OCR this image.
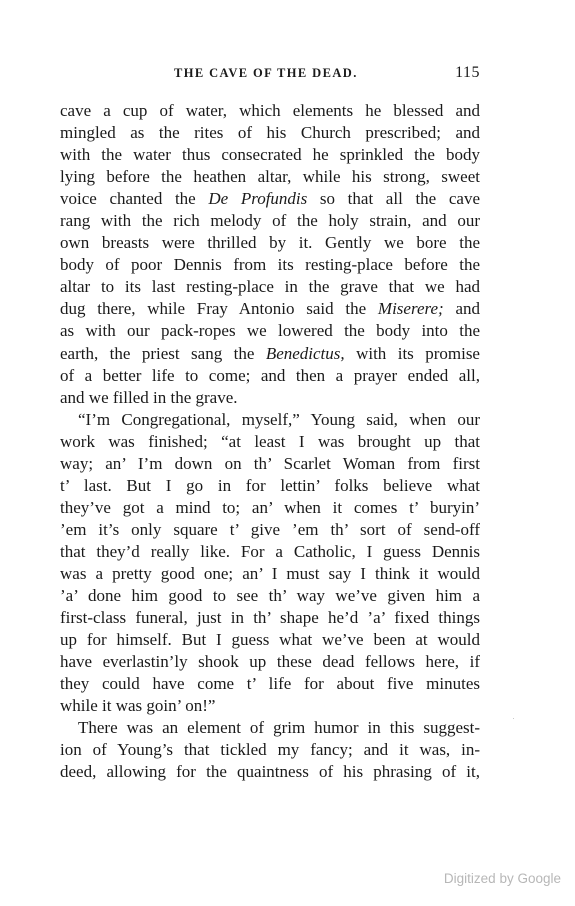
THE CAVE OF THE DEAD.	115
cave a cup of water, which elements he blessed and
mingled as the rites of his Church prescribed; and
with the water thus consecrated he sprinkled the body
lying before the heathen altar, while his strong, sweet
voice chanted the De Profundis so that all the cave
rang with the rich melody of the holy strain, and our
own breasts were thrilled by it. Gently we bore the
body of poor Dennis from its resting-place before the
altar to its last resting-place in the grave that we had
dug there, while Fray Antonio said the Miserere; and
as with our pack-ropes we lowered the body into the
earth, the priest sang the Benedictus, with its promise
of a better life to come; and then a prayer ended all,
and we filled in the grave.
“I’m Congregational, myself,” Young said, when our
work was finished; “at least I was brought up that
way; an’ I’m down on th’ Scarlet Woman from first
t’ last. But I go in for lettin’ folks believe what
they’ve got a mind to; an’ when it comes t’ buryin’
’em it’s only square t’ give ’em th’ sort of send-off
that they’d really like. For a Catholic, I guess Dennis
was a pretty good one; an’ I must say I think it would
’a’ done him good to see th’ way we’ve given him a
first-class funeral, just in th’ shape he’d ’a’ fixed things
up for himself. But I guess what we’ve been at would
have everlastin’ly shook up these dead fellows here, if
they could have come t’ life for about five minutes
while it was goin’ on!”
There was an element of grim humor in this suggest-
ion of Young’s that tickled my fancy; and it was, in-
deed, allowing for the quaintness of his phrasing of it,
Digitized by Google
